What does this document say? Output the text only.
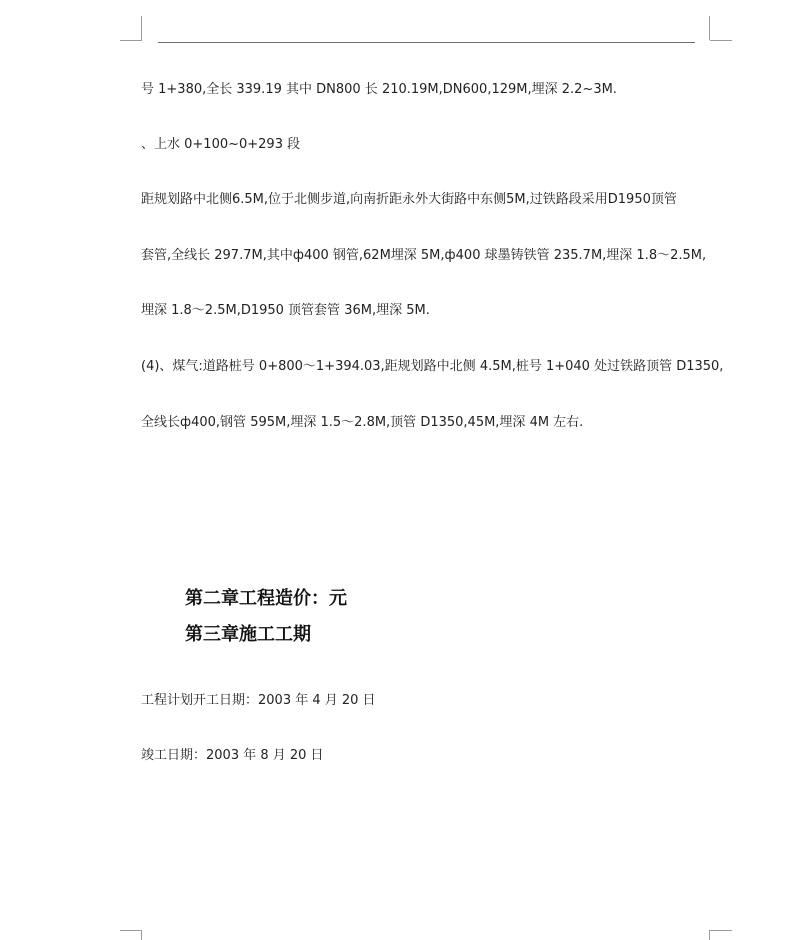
号 1+380,全长 339.19 其中 DN800 长 210.19M,DN600,129M,埋深 2.2~3M.
、上水 0+100~0+293 段
距规划路中北侧6.5M,位于北侧步道,向南折距永外大街路中东侧5M,过铁路段采用D1950顶管
套管,全线长 297.7M,其中ф400 钢管,62M埋深 5M,ф400 球墨铸铁管 235.7M,埋深 1.8～2.5M,
埋深 1.8～2.5M,D1950 顶管套管 36M,埋深 5M.
(4)、煤气:道路桩号 0+800～1+394.03,距规划路中北侧 4.5M,桩号 1+040 处过铁路顶管 D1350,
全线长ф400,钢管 595M,埋深 1.5～2.8M,顶管 D1350,45M,埋深 4M 左右.
第二章工程造价：元
第三章施工工期
工程计划开工日期：2003 年 4 月 20 日
竣工日期：2003 年 8 月 20 日
